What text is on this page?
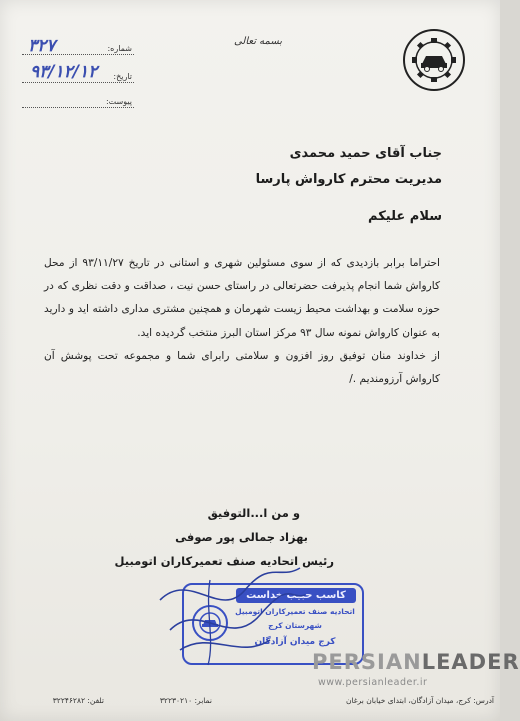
بسمه تعالی
شماره:
۳۲۷
تاریخ:
۹۳/۱۲/۱۲
پیوست:
جناب آقای حمید محمدی
مدیریت محترم کارواش پارسا
سلام علیکم

احتراما برابر بازدیدی که از سوی مسئولین شهری و استانی در تاریخ ۹۳/۱۱/۲۷ از محل کارواش شما انجام پذیرفت حضرتعالی در راستای حسن نیت ، صداقت و دقت نظری که در حوزه سلامت و بهداشت محیط زیست شهرمان و همچنین مشتری مداری داشته اید و دارید به عنوان کارواش نمونه سال ۹۳ مرکز استان البرز منتخب گردیده اید.

از خداوند منان توفیق روز افزون و سلامتی رابرای شما و مجموعه تحت پوشش آن کارواش آرزومندیم ./

و من ا...التوفیق
بهزاد جمالی پور صوفی
رئیس اتحادیه صنف تعمیرکاران اتومبیل
کاسب حبیب خداست
اتحادیه صنف تعمیرکاران اتومبیل
شهرستان کرج
کرج میدان آزادگان
آدرس: کرج، میدان آزادگان، ابتدای خیابان برغان
نمابر: ۳۲۲۳۰۲۱۰
تلفن: ۳۲۲۴۶۲۸۲
PERSIANLEADER
www.persianleader.ir
